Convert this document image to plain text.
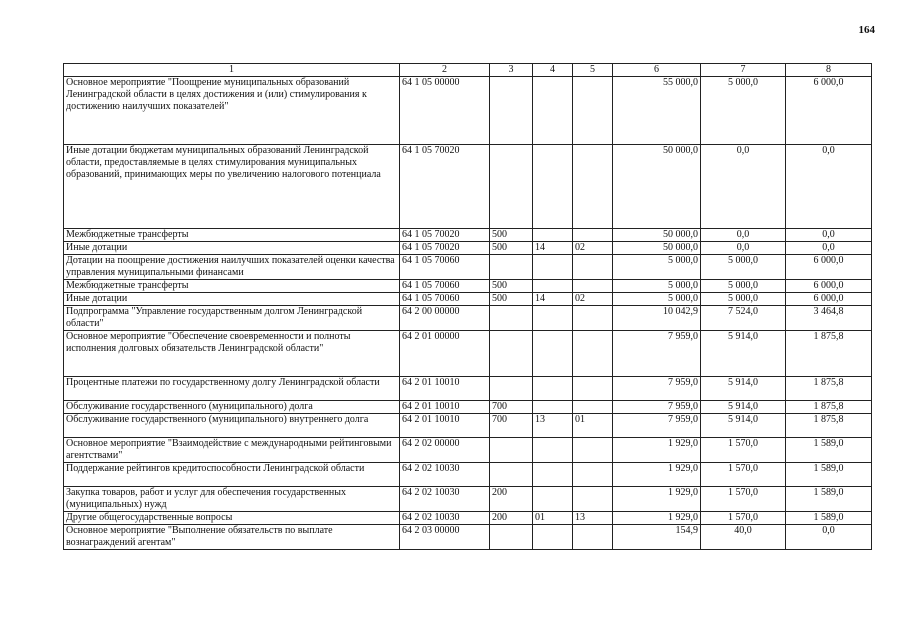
164
1	2	3	4	5	6	7	8
Основное мероприятие "Поощрение муниципальных образований Ленинградской области в целях достижения и (или) стимулирования к достижению наилучших показателей"	64 1 05 00000				55 000,0	5 000,0	6 000,0
Иные дотации бюджетам муниципальных образований Ленинградской области, предоставляемые в целях стимулирования муниципальных образований, принимающих меры по увеличению налогового потенциала	64 1 05 70020				50 000,0	0,0	0,0
Межбюджетные трансферты	64 1 05 70020	500			50 000,0	0,0	0,0
Иные дотации	64 1 05 70020	500	14	02	50 000,0	0,0	0,0
Дотации на поощрение достижения наилучших показателей оценки качества управления муниципальными финансами	64 1 05 70060				5 000,0	5 000,0	6 000,0
Межбюджетные трансферты	64 1 05 70060	500			5 000,0	5 000,0	6 000,0
Иные дотации	64 1 05 70060	500	14	02	5 000,0	5 000,0	6 000,0
Подпрограмма "Управление государственным долгом Ленинградской области"	64 2 00 00000				10 042,9	7 524,0	3 464,8
Основное мероприятие "Обеспечение своевременности и полноты исполнения долговых обязательств Ленинградской области"	64 2 01 00000				7 959,0	5 914,0	1 875,8
Процентные платежи по государственному долгу Ленинградской области	64 2 01 10010				7 959,0	5 914,0	1 875,8
Обслуживание государственного (муниципального) долга	64 2 01 10010	700			7 959,0	5 914,0	1 875,8
Обслуживание государственного (муниципального) внутреннего долга	64 2 01 10010	700	13	01	7 959,0	5 914,0	1 875,8
Основное мероприятие "Взаимодействие с международными рейтинговыми агентствами"	64 2 02 00000				1 929,0	1 570,0	1 589,0
Поддержание рейтингов кредитоспособности Ленинградской области	64 2 02 10030				1 929,0	1 570,0	1 589,0
Закупка товаров, работ и услуг для обеспечения государственных (муниципальных) нужд	64 2 02 10030	200			1 929,0	1 570,0	1 589,0
Другие общегосударственные вопросы	64 2 02 10030	200	01	13	1 929,0	1 570,0	1 589,0
Основное мероприятие "Выполнение обязательств по выплате вознаграждений агентам"	64 2 03 00000				154,9	40,0	0,0
